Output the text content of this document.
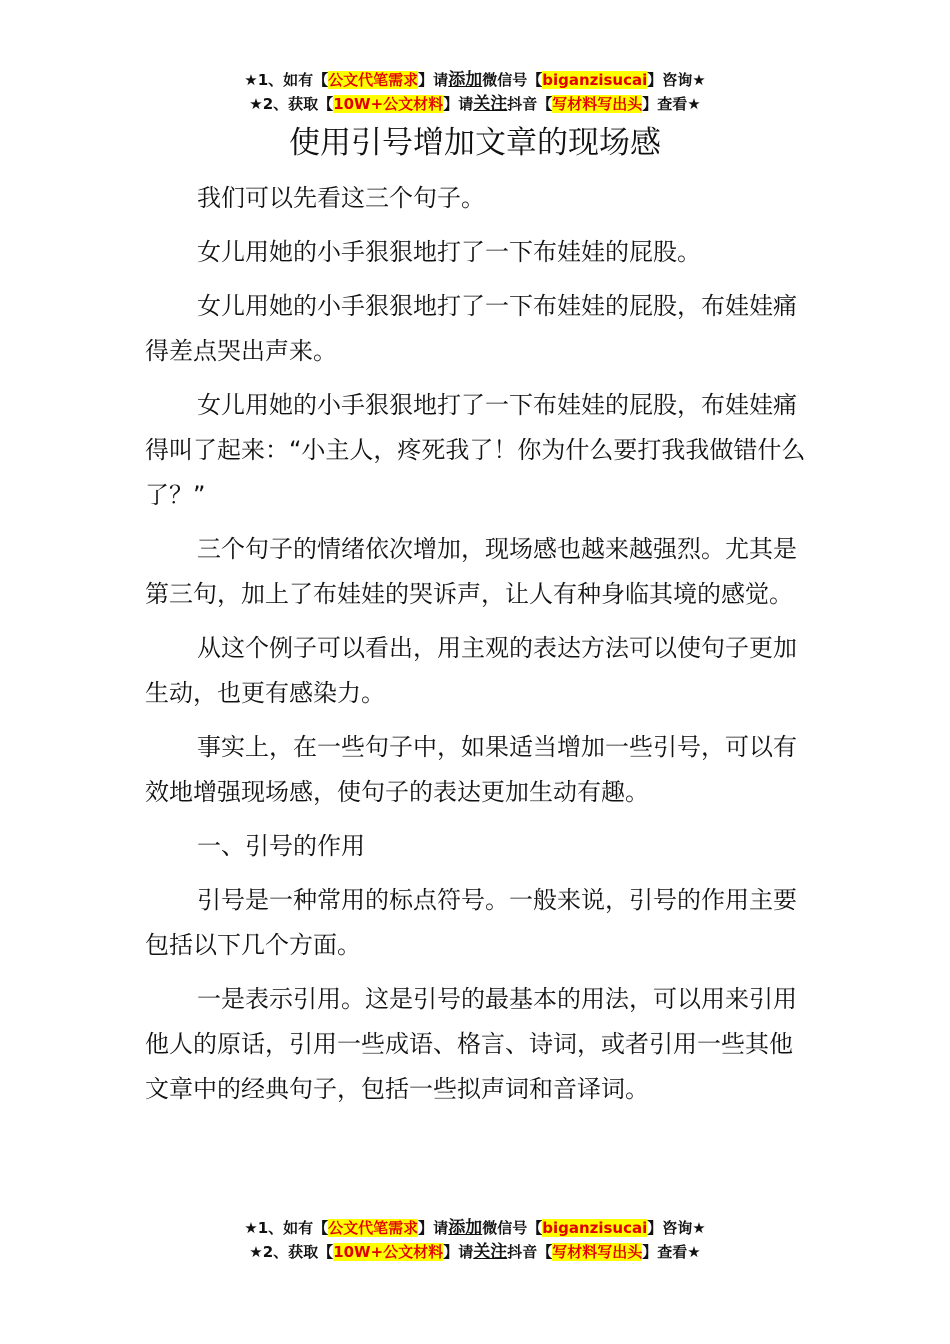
★1、如有【公文代笔需求】请添加微信号【biganzisucai】咨询★
★2、获取【10W+公文材料】请关注抖音【写材料写出头】查看★
使用引号增加文章的现场感

我们可以先看这三个句子。

女儿用她的小手狠狠地打了一下布娃娃的屁股。

女儿用她的小手狠狠地打了一下布娃娃的屁股，布娃娃痛得差点哭出声来。

女儿用她的小手狠狠地打了一下布娃娃的屁股，布娃娃痛得叫了起来：“小主人，疼死我了！你为什么要打我我做错什么了？”

三个句子的情绪依次增加，现场感也越来越强烈。尤其是第三句，加上了布娃娃的哭诉声，让人有种身临其境的感觉。

从这个例子可以看出，用主观的表达方法可以使句子更加生动，也更有感染力。

事实上，在一些句子中，如果适当增加一些引号，可以有效地增强现场感，使句子的表达更加生动有趣。

一、引号的作用

引号是一种常用的标点符号。一般来说，引号的作用主要包括以下几个方面。

一是表示引用。这是引号的最基本的用法，可以用来引用他人的原话，引用一些成语、格言、诗词，或者引用一些其他文章中的经典句子，包括一些拟声词和音译词。

★1、如有【公文代笔需求】请添加微信号【biganzisucai】咨询★
★2、获取【10W+公文材料】请关注抖音【写材料写出头】查看★
